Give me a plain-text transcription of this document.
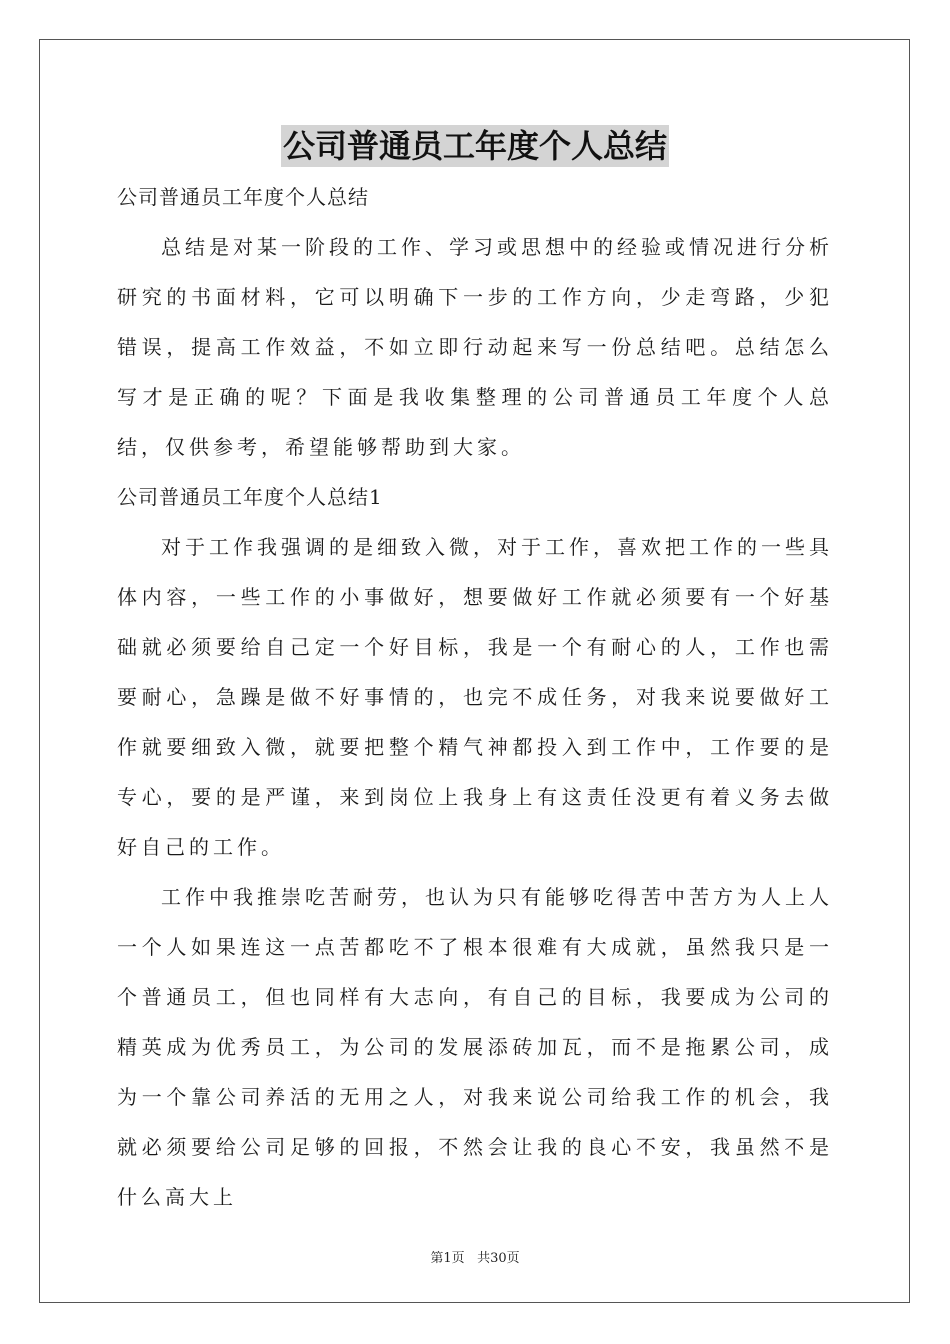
公司普通员工年度个人总结

公司普通员工年度个人总结

总结是对某一阶段的工作、学习或思想中的经验或情况进行分析研究的书面材料，它可以明确下一步的工作方向，少走弯路，少犯错误，提高工作效益，不如立即行动起来写一份总结吧。总结怎么写才是正确的呢？下面是我收集整理的公司普通员工年度个人总结，仅供参考，希望能够帮助到大家。

公司普通员工年度个人总结1

对于工作我强调的是细致入微，对于工作，喜欢把工作的一些具体内容，一些工作的小事做好，想要做好工作就必须要有一个好基础就必须要给自己定一个好目标，我是一个有耐心的人，工作也需要耐心，急躁是做不好事情的，也完不成任务，对我来说要做好工作就要细致入微，就要把整个精气神都投入到工作中，工作要的是专心，要的是严谨，来到岗位上我身上有这责任没更有着义务去做好自己的工作。

工作中我推崇吃苦耐劳，也认为只有能够吃得苦中苦方为人上人一个人如果连这一点苦都吃不了根本很难有大成就，虽然我只是一个普通员工，但也同样有大志向，有自己的目标，我要成为公司的精英成为优秀员工，为公司的发展添砖加瓦，而不是拖累公司，成为一个靠公司养活的无用之人，对我来说公司给我工作的机会，我就必须要给公司足够的回报，不然会让我的良心不安，我虽然不是什么高大上

第1页 共30页
